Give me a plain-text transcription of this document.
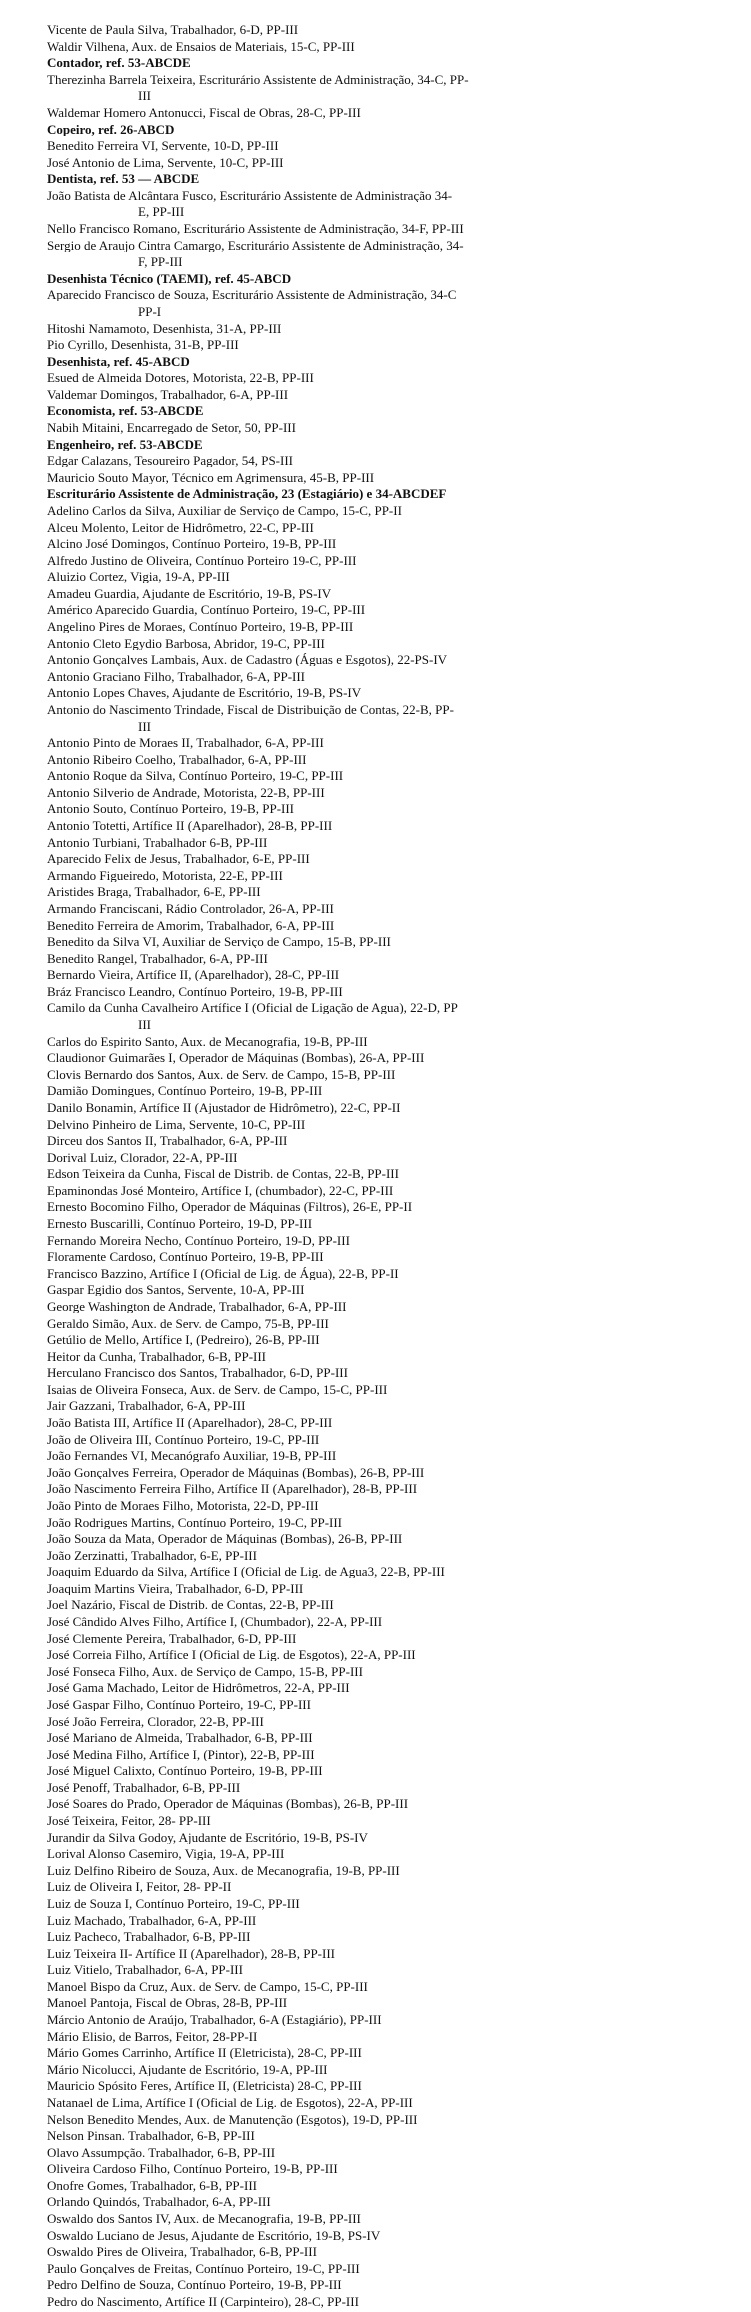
Vicente de Paula Silva, Trabalhador, 6-D, PP-III

Waldir Vilhena, Aux. de Ensaios de Materiais, 15-C, PP-III

Contador, ref. 53-ABCDE

Therezinha Barrela Teixeira, Escriturário Assistente de Administração, 34-C, PP-

III

Waldemar Homero Antonucci, Fiscal de Obras, 28-C, PP-III

Copeiro, ref. 26-ABCD

Benedito Ferreira VI, Servente, 10-D, PP-III

José Antonio de Lima, Servente, 10-C, PP-III

Dentista, ref. 53 — ABCDE

João Batista de Alcântara Fusco, Escriturário Assistente de Administração 34-

E, PP-III

Nello Francisco Romano, Escriturário Assistente de Administração, 34-F, PP-III

Sergio de Araujo Cintra Camargo, Escriturário Assistente de Administração, 34-

F, PP-III

Desenhista Técnico (TAEMI), ref. 45-ABCD

Aparecido Francisco de Souza, Escriturário Assistente de Administração, 34-C

PP-I

Hitoshi Namamoto, Desenhista, 31-A, PP-III

Pio Cyrillo, Desenhista, 31-B, PP-III

Desenhista, ref. 45-ABCD

Esued de Almeida Dotores, Motorista, 22-B, PP-III

Valdemar Domingos, Trabalhador, 6-A, PP-III

Economista, ref. 53-ABCDE

Nabih Mitaini, Encarregado de Setor, 50, PP-III

Engenheiro, ref. 53-ABCDE

Edgar Calazans, Tesoureiro Pagador, 54, PS-III

Mauricio Souto Mayor, Técnico em Agrimensura, 45-B, PP-III

Escriturário Assistente de Administração, 23 (Estagiário) e 34-ABCDEF

Adelino Carlos da Silva, Auxiliar de Serviço de Campo, 15-C, PP-II

Alceu Molento, Leitor de Hidrômetro, 22-C, PP-III

Alcino José Domingos, Contínuo Porteiro, 19-B, PP-III

Alfredo Justino de Oliveira, Contínuo Porteiro 19-C, PP-III

Aluizio Cortez, Vigia, 19-A, PP-III

Amadeu Guardia, Ajudante de Escritório, 19-B, PS-IV

Américo Aparecido Guardia, Contínuo Porteiro, 19-C, PP-III

Angelino Pires de Moraes, Contínuo Porteiro, 19-B, PP-III

Antonio Cleto Egydio Barbosa, Abridor, 19-C, PP-III

Antonio Gonçalves Lambais, Aux. de Cadastro (Águas e Esgotos), 22-PS-IV

Antonio Graciano Filho, Trabalhador, 6-A, PP-III

Antonio Lopes Chaves, Ajudante de Escritório, 19-B, PS-IV

Antonio do Nascimento Trindade, Fiscal de Distribuição de Contas, 22-B, PP-

III

Antonio Pinto de Moraes II, Trabalhador, 6-A, PP-III

Antonio Ribeiro Coelho, Trabalhador, 6-A, PP-III

Antonio Roque da Silva, Contínuo Porteiro, 19-C, PP-III

Antonio Silverio de Andrade, Motorista, 22-B, PP-III

Antonio Souto, Contínuo Porteiro, 19-B, PP-III

Antonio Totetti, Artífice II (Aparelhador), 28-B, PP-III

Antonio Turbiani, Trabalhador 6-B, PP-III

Aparecido Felix de Jesus, Trabalhador, 6-E, PP-III

Armando Figueiredo, Motorista, 22-E, PP-III

Aristides Braga, Trabalhador, 6-E, PP-III

Armando Franciscani, Rádio Controlador, 26-A, PP-III

Benedito Ferreira de Amorim, Trabalhador, 6-A, PP-III

Benedito da Silva VI, Auxiliar de Serviço de Campo, 15-B, PP-III

Benedito Rangel, Trabalhador, 6-A, PP-III

Bernardo Vieira, Artífice II, (Aparelhador), 28-C, PP-III

Bráz Francisco Leandro, Contínuo Porteiro, 19-B, PP-III

Camilo da Cunha Cavalheiro Artífice I (Oficial de Ligação de Agua), 22-D, PP

III

Carlos do Espirito Santo, Aux. de Mecanografia, 19-B, PP-III

Claudionor Guimarães I, Operador de Máquinas (Bombas), 26-A, PP-III

Clovis Bernardo dos Santos, Aux. de Serv. de Campo, 15-B, PP-III

Damião Domingues, Contínuo Porteiro, 19-B, PP-III

Danilo Bonamin, Artífice II (Ajustador de Hidrômetro), 22-C, PP-II

Delvino Pinheiro de Lima, Servente, 10-C, PP-III

Dirceu dos Santos II, Trabalhador, 6-A, PP-III

Dorival Luiz, Clorador, 22-A, PP-III

Edson Teixeira da Cunha, Fiscal de Distrib. de Contas, 22-B, PP-III

Epaminondas José Monteiro, Artífice I, (chumbador), 22-C, PP-III

Ernesto Bocomino Filho, Operador de Máquinas (Filtros), 26-E, PP-II

Ernesto Buscarilli, Contínuo Porteiro, 19-D, PP-III

Fernando Moreira Necho, Contínuo Porteiro, 19-D, PP-III

Floramente Cardoso, Contínuo Porteiro, 19-B, PP-III

Francisco Bazzino, Artífice I (Oficial de Lig. de Água), 22-B, PP-II

Gaspar Egidio dos Santos, Servente, 10-A, PP-III

George Washington de Andrade, Trabalhador, 6-A, PP-III

Geraldo Simão, Aux. de Serv. de Campo, 75-B, PP-III

Getúlio de Mello, Artífice I, (Pedreiro), 26-B, PP-III

Heitor da Cunha, Trabalhador, 6-B, PP-III

Herculano Francisco dos Santos, Trabalhador, 6-D, PP-III

Isaias de Oliveira Fonseca, Aux. de Serv. de Campo, 15-C, PP-III

Jair Gazzani, Trabalhador, 6-A, PP-III

João Batista III, Artífice II (Aparelhador), 28-C, PP-III

João de Oliveira III, Contínuo Porteiro, 19-C, PP-III

João Fernandes VI, Mecanógrafo Auxiliar, 19-B, PP-III

João Gonçalves Ferreira, Operador de Máquinas (Bombas), 26-B, PP-III

João Nascimento Ferreira Filho, Artífice II (Aparelhador), 28-B, PP-III

João Pinto de Moraes Filho, Motorista, 22-D, PP-III

João Rodrigues Martins, Contínuo Porteiro, 19-C, PP-III

João Souza da Mata, Operador de Máquinas (Bombas), 26-B, PP-III

João Zerzinatti, Trabalhador, 6-E, PP-III

Joaquim Eduardo da Silva, Artífice I (Oficial de Lig. de Agua3, 22-B, PP-III

Joaquim Martins Vieira, Trabalhador, 6-D, PP-III

Joel Nazário, Fiscal de Distrib. de Contas, 22-B, PP-III

José Cândido Alves Filho, Artífice I, (Chumbador), 22-A, PP-III

José Clemente Pereira, Trabalhador, 6-D, PP-III

José Correia Filho, Artífice I (Oficial de Lig. de Esgotos), 22-A, PP-III

José Fonseca Filho, Aux. de Serviço de Campo, 15-B, PP-III

José Gama Machado, Leitor de Hidrômetros, 22-A, PP-III

José Gaspar Filho, Contínuo Porteiro, 19-C, PP-III

José João Ferreira, Clorador, 22-B, PP-III

José Mariano de Almeida, Trabalhador, 6-B, PP-III

José Medina Filho, Artífice I, (Pintor), 22-B, PP-III

José Miguel Calixto, Contínuo Porteiro, 19-B, PP-III

José Penoff, Trabalhador, 6-B, PP-III

José Soares do Prado, Operador de Máquinas (Bombas), 26-B, PP-III

José Teixeira, Feitor, 28- PP-III

Jurandir da Silva Godoy, Ajudante de Escritório, 19-B, PS-IV

Lorival Alonso Casemiro, Vigia, 19-A, PP-III

Luiz Delfino Ribeiro de Souza, Aux. de Mecanografia, 19-B, PP-III

Luiz de Oliveira I, Feitor, 28- PP-II

Luiz de Souza I, Contínuo Porteiro, 19-C, PP-III

Luiz Machado, Trabalhador, 6-A, PP-III

Luiz Pacheco, Trabalhador, 6-B, PP-III

Luiz Teixeira II- Artífice II (Aparelhador), 28-B, PP-III

Luiz Vitielo, Trabalhador, 6-A, PP-III

Manoel Bispo da Cruz, Aux. de Serv. de Campo, 15-C, PP-III

Manoel Pantoja, Fiscal de Obras, 28-B, PP-III

Márcio Antonio de Araújo, Trabalhador, 6-A (Estagiário), PP-III

Mário Elisio, de Barros, Feitor, 28-PP-II

Mário Gomes Carrinho, Artífice II (Eletricista), 28-C, PP-III

Mário Nicolucci, Ajudante de Escritório, 19-A, PP-III

Mauricio Spósito Feres, Artífice II, (Eletricista) 28-C, PP-III

Natanael de Lima, Artífice I (Oficial de Lig. de Esgotos), 22-A, PP-III

Nelson Benedito Mendes, Aux. de Manutenção (Esgotos), 19-D, PP-III

Nelson Pinsan. Trabalhador, 6-B, PP-III

Olavo Assumpção. Trabalhador, 6-B, PP-III

Oliveira Cardoso Filho, Contínuo Porteiro, 19-B, PP-III

Onofre Gomes, Trabalhador, 6-B, PP-III

Orlando Quindós, Trabalhador, 6-A, PP-III

Oswaldo dos Santos IV, Aux. de Mecanografia, 19-B, PP-III

Oswaldo Luciano de Jesus, Ajudante de Escritório, 19-B, PS-IV

Oswaldo Pires de Oliveira, Trabalhador, 6-B, PP-III

Paulo Gonçalves de Freitas, Contínuo Porteiro, 19-C, PP-III

Pedro Delfino de Souza, Contínuo Porteiro, 19-B, PP-III

Pedro do Nascimento, Artífice II (Carpinteiro), 28-C, PP-III
